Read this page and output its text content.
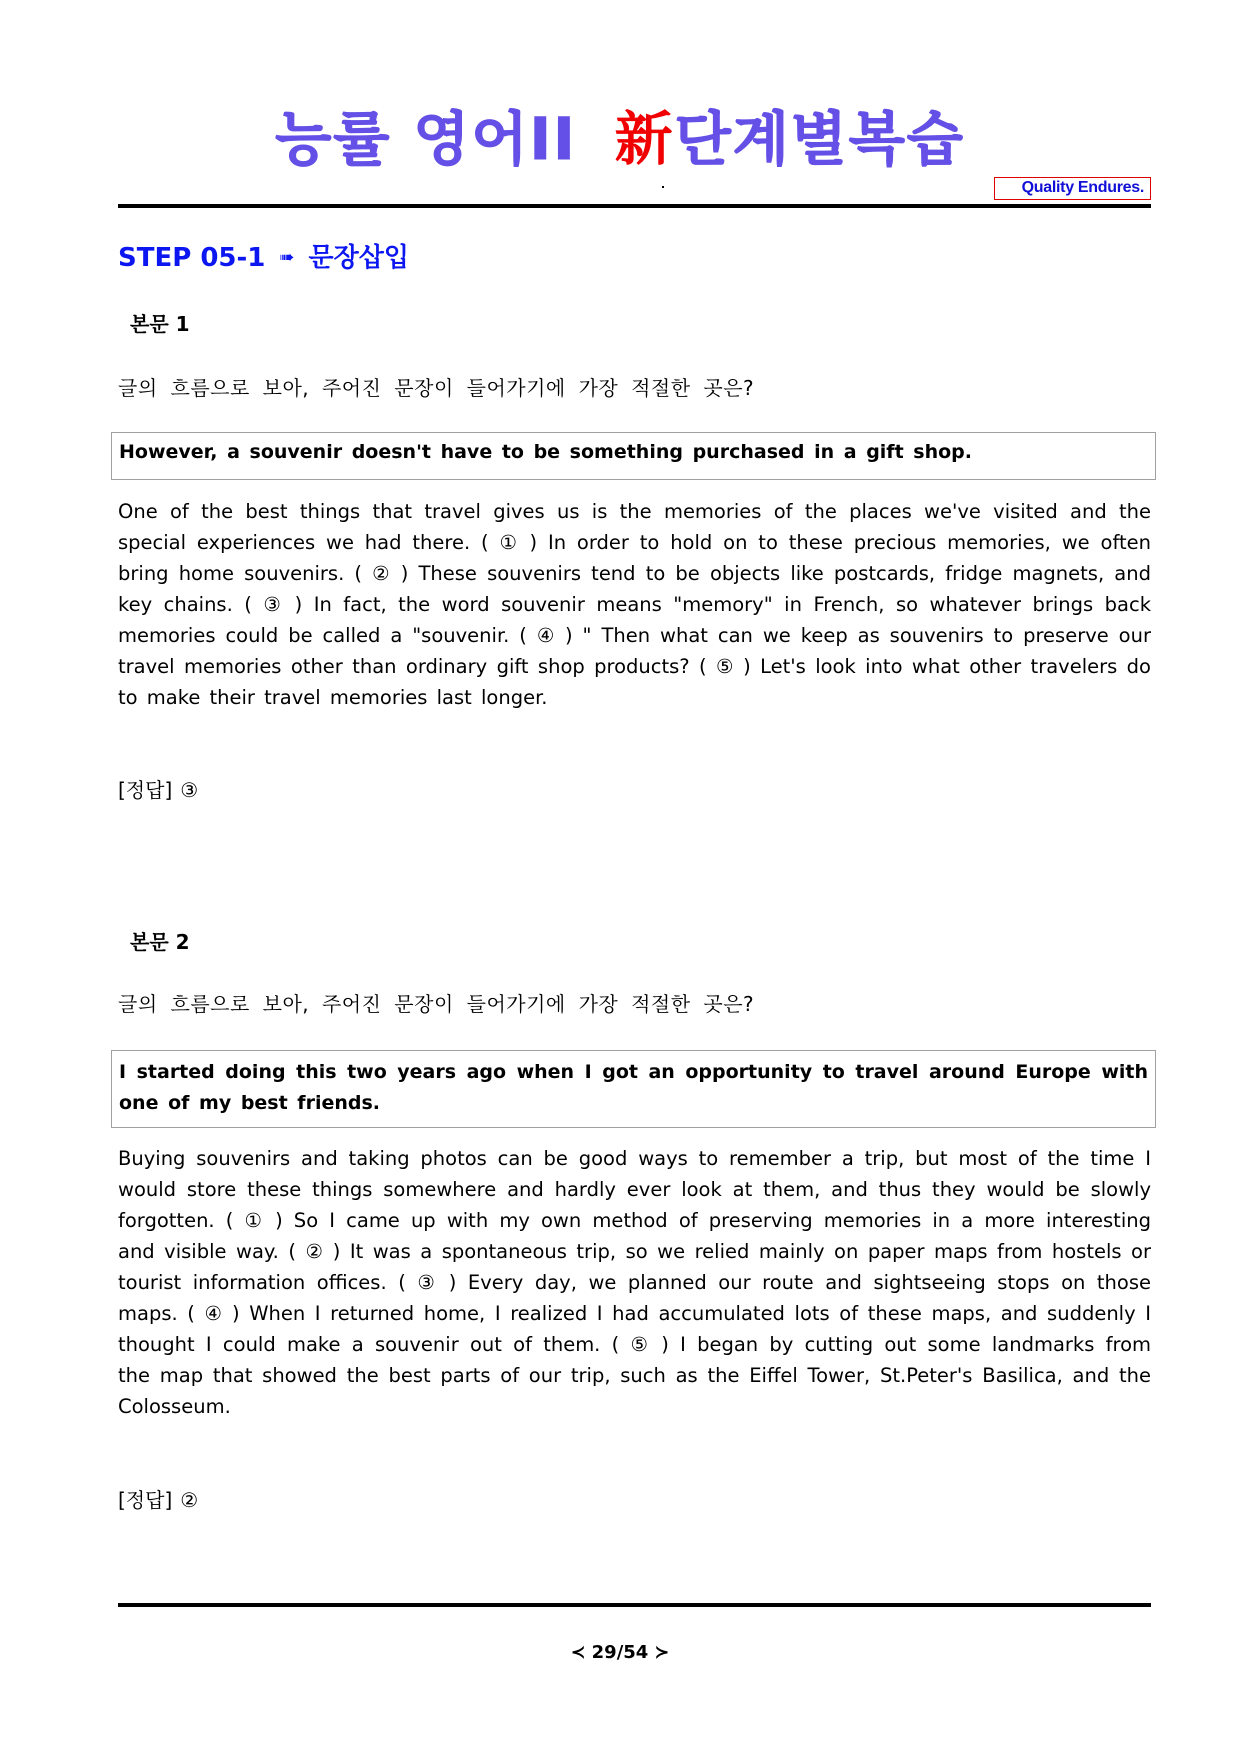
능률 영어II 新단계별복습
Quality Endures.
STEP 05-1 ➠ 문장삽입
본문 1
글의 흐름으로 보아, 주어진 문장이 들어가기에 가장 적절한 곳은?
However, a souvenir doesn't have to be something purchased in a gift shop.
One of the best things that travel gives us is the memories of the places we've visited and the special experiences we had there. ( ① ) In order to hold on to these precious memories, we often bring home souvenirs. ( ② ) These souvenirs tend to be objects like postcards, fridge magnets, and key chains. ( ③ ) In fact, the word souvenir means "memory" in French, so whatever brings back memories could be called a "souvenir. ( ④ ) " Then what can we keep as souvenirs to preserve our travel memories other than ordinary gift shop products? ( ⑤ ) Let's look into what other travelers do to make their travel memories last longer.
[정답] ③
본문 2
글의 흐름으로 보아, 주어진 문장이 들어가기에 가장 적절한 곳은?
I started doing this two years ago when I got an opportunity to travel around Europe with one of my best friends.
Buying souvenirs and taking photos can be good ways to remember a trip, but most of the time I would store these things somewhere and hardly ever look at them, and thus they would be slowly forgotten. ( ① ) So I came up with my own method of preserving memories in a more interesting and visible way. ( ② ) It was a spontaneous trip, so we relied mainly on paper maps from hostels or tourist information offices. ( ③ ) Every day, we planned our route and sightseeing stops on those maps. ( ④ ) When I returned home, I realized I had accumulated lots of these maps, and suddenly I thought I could make a souvenir out of them. ( ⑤ ) I began by cutting out some landmarks from the map that showed the best parts of our trip, such as the Eiffel Tower, St.Peter's Basilica, and the Colosseum.
[정답] ②
≺ 29/54 ≻
